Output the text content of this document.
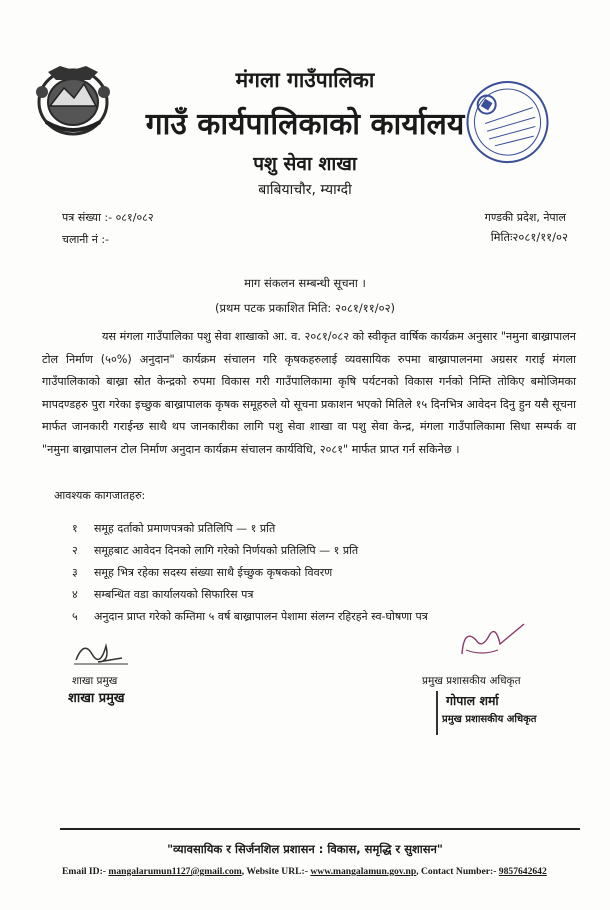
मंगला गाउँपालिका
गाउँ कार्यपालिकाको कार्यालय
पशु सेवा शाखा
बाबियाचौर, म्याग्दी
पत्र संख्या :- ०८१/०८२
चलानी नं :-
गण्डकी प्रदेश, नेपाल
मितिः२०८१/११/०२
माग संकलन सम्बन्धी सूचना ।
(प्रथम पटक प्रकाशित मिति: २०८१/११/०२)
यस मंगला गाउँपालिका पशु सेवा शाखाको आ. व. २०८१/०८२ को स्वीकृत वार्षिक कार्यक्रम अनुसार "नमुना बाख्रापालन टोल निर्माण (५०%) अनुदान" कार्यक्रम संचालन गरि कृषकहरुलाई व्यवसायिक रुपमा बाख्रापालनमा अग्रसर गराई मंगला गाउँपालिकाको बाख्रा स्रोत केन्द्रको रुपमा विकास गरी गाउँपालिकामा कृषि पर्यटनको विकास गर्नको निम्ति तोकिए बमोजिमका मापदण्डहरु पुरा गरेका इच्छुक बाख्रापालक कृषक समूहरुले यो सूचना प्रकाशन भएको मितिले १५ दिनभित्र आवेदन दिनु हुन यसै सूचना मार्फत जानकारी गराईन्छ साथै थप जानकारीका लागि पशु सेवा शाखा वा पशु सेवा केन्द्र, मंगला गाउँपालिकामा सिधा सम्पर्क वा "नमुना बाख्रापालन टोल निर्माण अनुदान कार्यक्रम संचालन कार्यविधि, २०८१" मार्फत प्राप्त गर्न सकिनेछ ।
आवश्यक कागजातहरु:
१	समूह दर्ताको प्रमाणपत्रको प्रतिलिपि — १ प्रति
२	समूहबाट आवेदन दिनको लागि गरेको निर्णयको प्रतिलिपि — १ प्रति
३	समूह भित्र रहेका सदस्य संख्या साथै ईच्छुक कृषकको विवरण
४	सम्बन्धित वडा कार्यालयको सिफारिस पत्र
५	अनुदान प्राप्त गरेको कम्तिमा ५ वर्ष बाख्रापालन पेशामा संलग्न रहिरहने स्व-घोषणा पत्र
शाखा प्रमुख
शाखा प्रमुख
प्रमुख प्रशासकीय अधिकृत
गोपाल शर्मा
प्रमुख प्रशासकीय अधिकृत
"व्यावसायिक र सिर्जनशिल प्रशासन : विकास, समृद्धि र सुशासन"
Email ID:- mangalarumun1127@gmail.com, Website URL:- www.mangalamun.gov.np, Contact Number:- 9857642642
